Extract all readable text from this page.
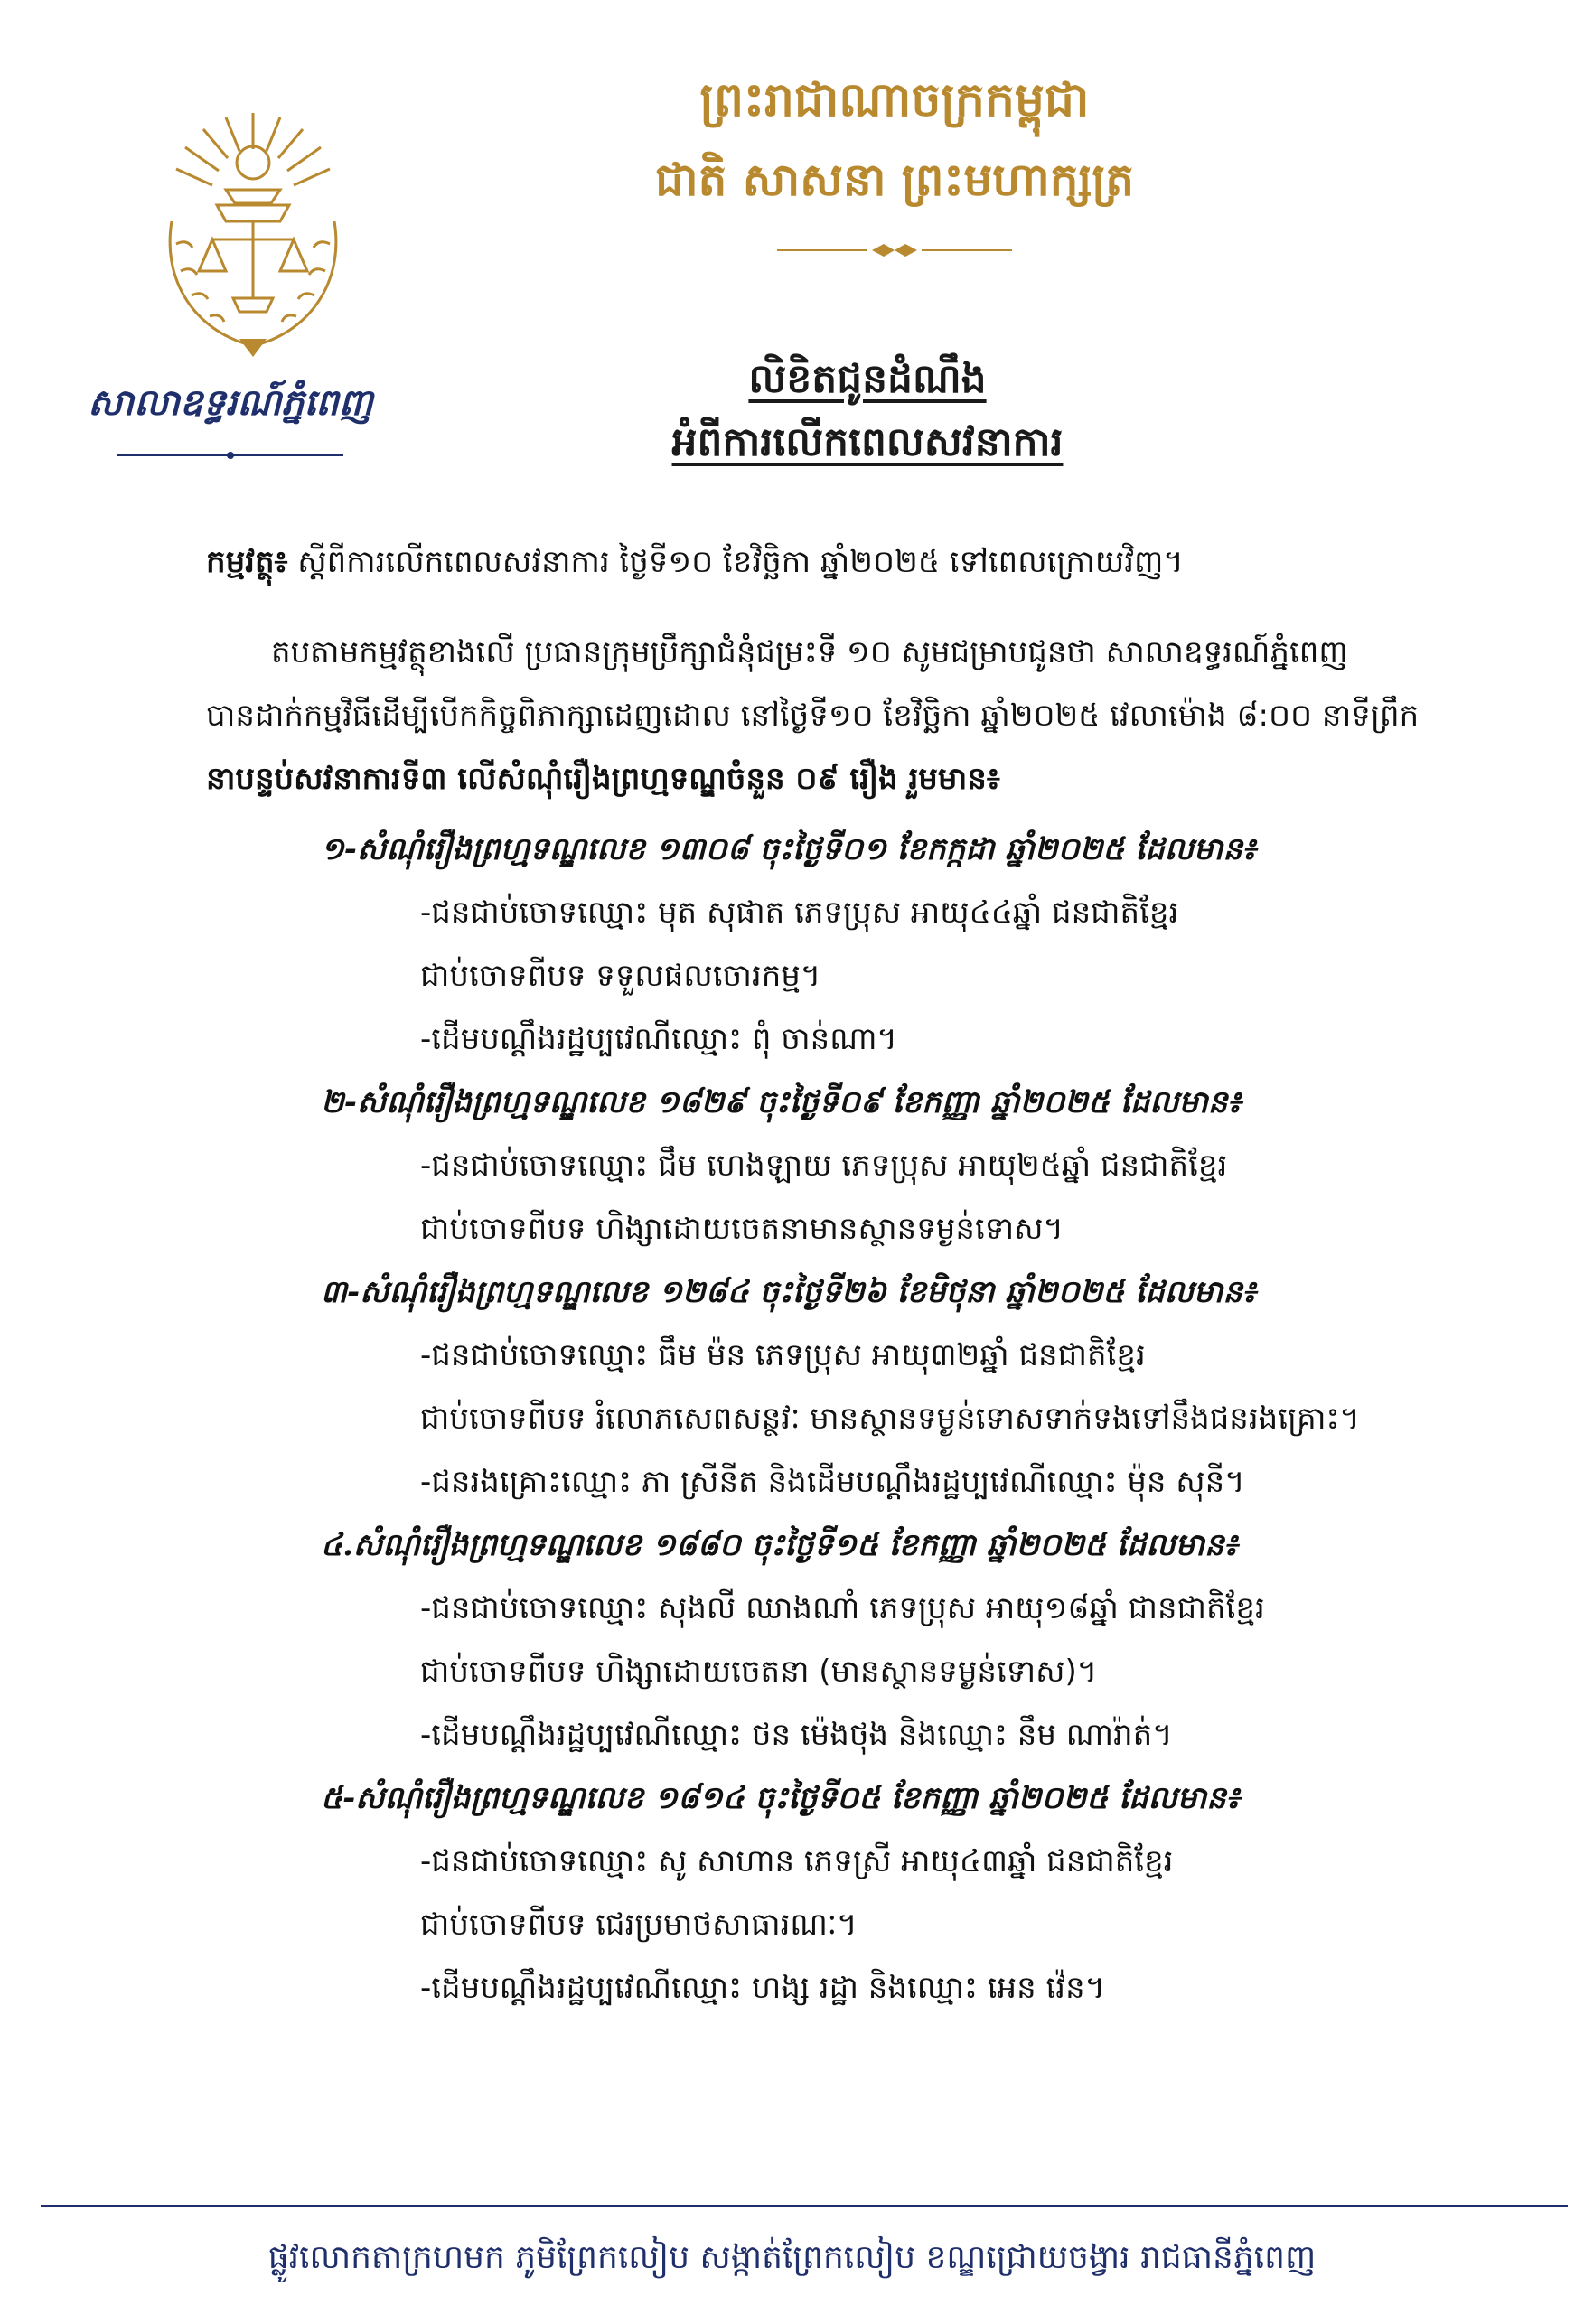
សាលាឧទ្ធរណ៍ភ្នំពេញ
ព្រះរាជាណាចក្រកម្ពុជា
ជាតិ សាសនា ព្រះមហាក្សត្រ
លិខិតជូនដំណឹង
អំពីការលើកពេលសវនាការ
កម្មវត្ថុ៖ ស្តីពីការលើកពេលសវនាការ ថ្ងៃទី១០ ខែវិច្ឆិកា ឆ្នាំ២០២៥ ទៅពេលក្រោយវិញ។
តបតាមកម្មវត្ថុខាងលើ ប្រធានក្រុមប្រឹក្សាជំនុំជម្រះទី ១០ សូមជម្រាបជូនថា សាលាឧទ្ធរណ៍ភ្នំពេញ
បានដាក់កម្មវិធីដើម្បីបើកកិច្ចពិភាក្សាដេញដោល នៅថ្ងៃទី១០ ខែវិច្ឆិកា ឆ្នាំ២០២៥ វេលាម៉ោង ៨:០០ នាទីព្រឹក
នាបន្ទប់សវនាការទី៣ លើសំណុំរឿងព្រហ្មទណ្ឌចំនួន ០៩ រឿង រួមមាន៖
១-សំណុំរឿងព្រហ្មទណ្ឌលេខ ១៣០៨ ចុះថ្ងៃទី០១ ខែកក្កដា ឆ្នាំ២០២៥ ដែលមាន៖
-ជនជាប់ចោទឈ្មោះ មុត សុផាត ភេទប្រុស អាយុ៤៤ឆ្នាំ ជនជាតិខ្មែរ
ជាប់ចោទពីបទ ទទួលផលចោរកម្ម។
-ដើមបណ្តឹងរដ្ឋប្បវេណីឈ្មោះ ពុំ ចាន់ណា។
២-សំណុំរឿងព្រហ្មទណ្ឌលេខ ១៨២៩ ចុះថ្ងៃទី០៩ ខែកញ្ញា ឆ្នាំ២០២៥ ដែលមាន៖
-ជនជាប់ចោទឈ្មោះ ជឹម ហេងឡាយ ភេទប្រុស អាយុ២៥ឆ្នាំ ជនជាតិខ្មែរ
ជាប់ចោទពីបទ ហិង្សាដោយចេតនាមានស្ថានទម្ងន់ទោស។
៣-សំណុំរឿងព្រហ្មទណ្ឌលេខ ១២៨៤ ចុះថ្ងៃទី២៦ ខែមិថុនា ឆ្នាំ២០២៥ ដែលមាន៖
-ជនជាប់ចោទឈ្មោះ ធឹម ម៉ន ភេទប្រុស អាយុ៣២ឆ្នាំ ជនជាតិខ្មែរ
ជាប់ចោទពីបទ រំលោភសេពសន្ថវៈ មានស្ថានទម្ងន់ទោសទាក់ទងទៅនឹងជនរងគ្រោះ។
-ជនរងគ្រោះឈ្មោះ ភា ស្រីនីត និងដើមបណ្តឹងរដ្ឋប្បវេណីឈ្មោះ ម៉ុន សុនី។
៤.សំណុំរឿងព្រហ្មទណ្ឌលេខ ១៨៨០ ចុះថ្ងៃទី១៥ ខែកញ្ញា ឆ្នាំ២០២៥ ដែលមាន៖
-ជនជាប់ចោទឈ្មោះ សុងលី ឈាងណាំ ភេទប្រុស អាយុ១៨ឆ្នាំ ជានជាតិខ្មែរ
ជាប់ចោទពីបទ ហិង្សាដោយចេតនា (មានស្ថានទម្ងន់ទោស)។
-ដើមបណ្តឹងរដ្ឋប្បវេណីឈ្មោះ ថន ម៉េងថុង និងឈ្មោះ នឹម ណារ៉ាត់។
៥-សំណុំរឿងព្រហ្មទណ្ឌលេខ ១៨១៤ ចុះថ្ងៃទី០៥ ខែកញ្ញា ឆ្នាំ២០២៥ ដែលមាន៖
-ជនជាប់ចោទឈ្មោះ សូ សាហាន ភេទស្រី អាយុ៤៣ឆ្នាំ ជនជាតិខ្មែរ
ជាប់ចោទពីបទ ជេរប្រមាថសាធារណៈ។
-ដើមបណ្តឹងរដ្ឋប្បវេណីឈ្មោះ ហង្ស រដ្ឋា និងឈ្មោះ អេន វ៉េន។
ផ្លូវលោកតាក្រហមក ភូមិព្រែកលៀប សង្កាត់ព្រែកលៀប ខណ្ឌជ្រោយចង្វារ រាជធានីភ្នំពេញ
